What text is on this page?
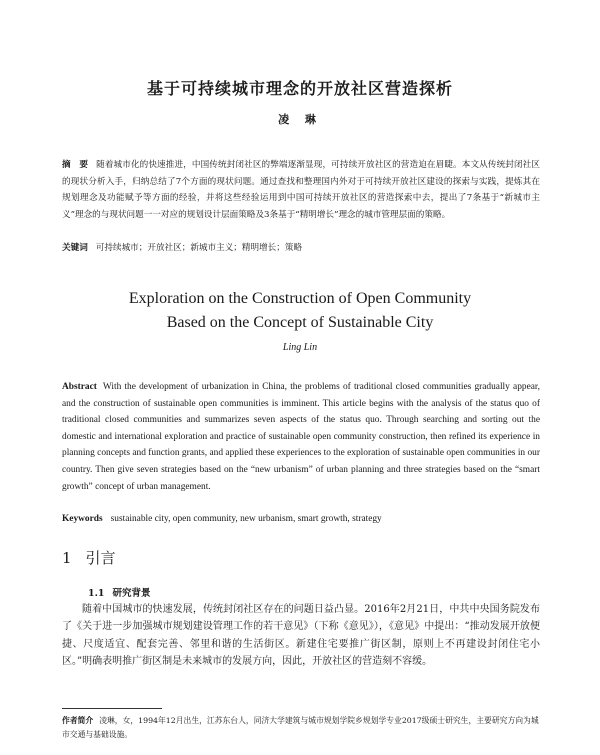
基于可持续城市理念的开放社区营造探析
凌 琳
摘　要 随着城市化的快速推进，中国传统封闭社区的弊端逐渐显现，可持续开放社区的营造迫在眉睫。本文从传统封闭社区的现状分析入手，归纳总结了7个方面的现状问题。通过查找和整理国内外对于可持续开放社区建设的探索与实践，提炼其在规划理念及功能赋予等方面的经验，并将这些经验运用到中国可持续开放社区的营造探索中去，提出了7条基于“新城市主义”理念的与现状问题一一对应的规划设计层面策略及3条基于“精明增长”理念的城市管理层面的策略。
关键词 可持续城市；开放社区；新城市主义；精明增长；策略
Exploration on the Construction of Open Community
Based on the Concept of Sustainable City
Ling Lin
Abstract With the development of urbanization in China, the problems of traditional closed communities gradually appear, and the construction of sustainable open communities is imminent. This article begins with the analysis of the status quo of traditional closed communities and summarizes seven aspects of the status quo. Through searching and sorting out the domestic and international exploration and practice of sustainable open community construction, then refined its experience in planning concepts and function grants, and applied these experiences to the exploration of sustainable open communities in our country. Then give seven strategies based on the “new urbanism” of urban planning and three strategies based on the “smart growth” concept of urban management.
Keywords sustainable city, open community, new urbanism, smart growth, strategy
1 引言
1.1 研究背景
随着中国城市的快速发展，传统封闭社区存在的问题日益凸显。2016年2月21日，中共中央国务院发布了《关于进一步加强城市规划建设管理工作的若干意见》（下称《意见》），《意见》中提出：“推动发展开放便捷、尺度适宜、配套完善、邻里和谐的生活街区。新建住宅要推广街区制，原则上不再建设封闭住宅小区。”明确表明推广街区制是未来城市的发展方向，因此，开放社区的营造刻不容缓。
作者简介 凌琳，女，1994年12月出生，江苏东台人，同济大学建筑与城市规划学院乡规划学专业2017级硕士研究生，主要研究方向为城市交通与基础设施。
